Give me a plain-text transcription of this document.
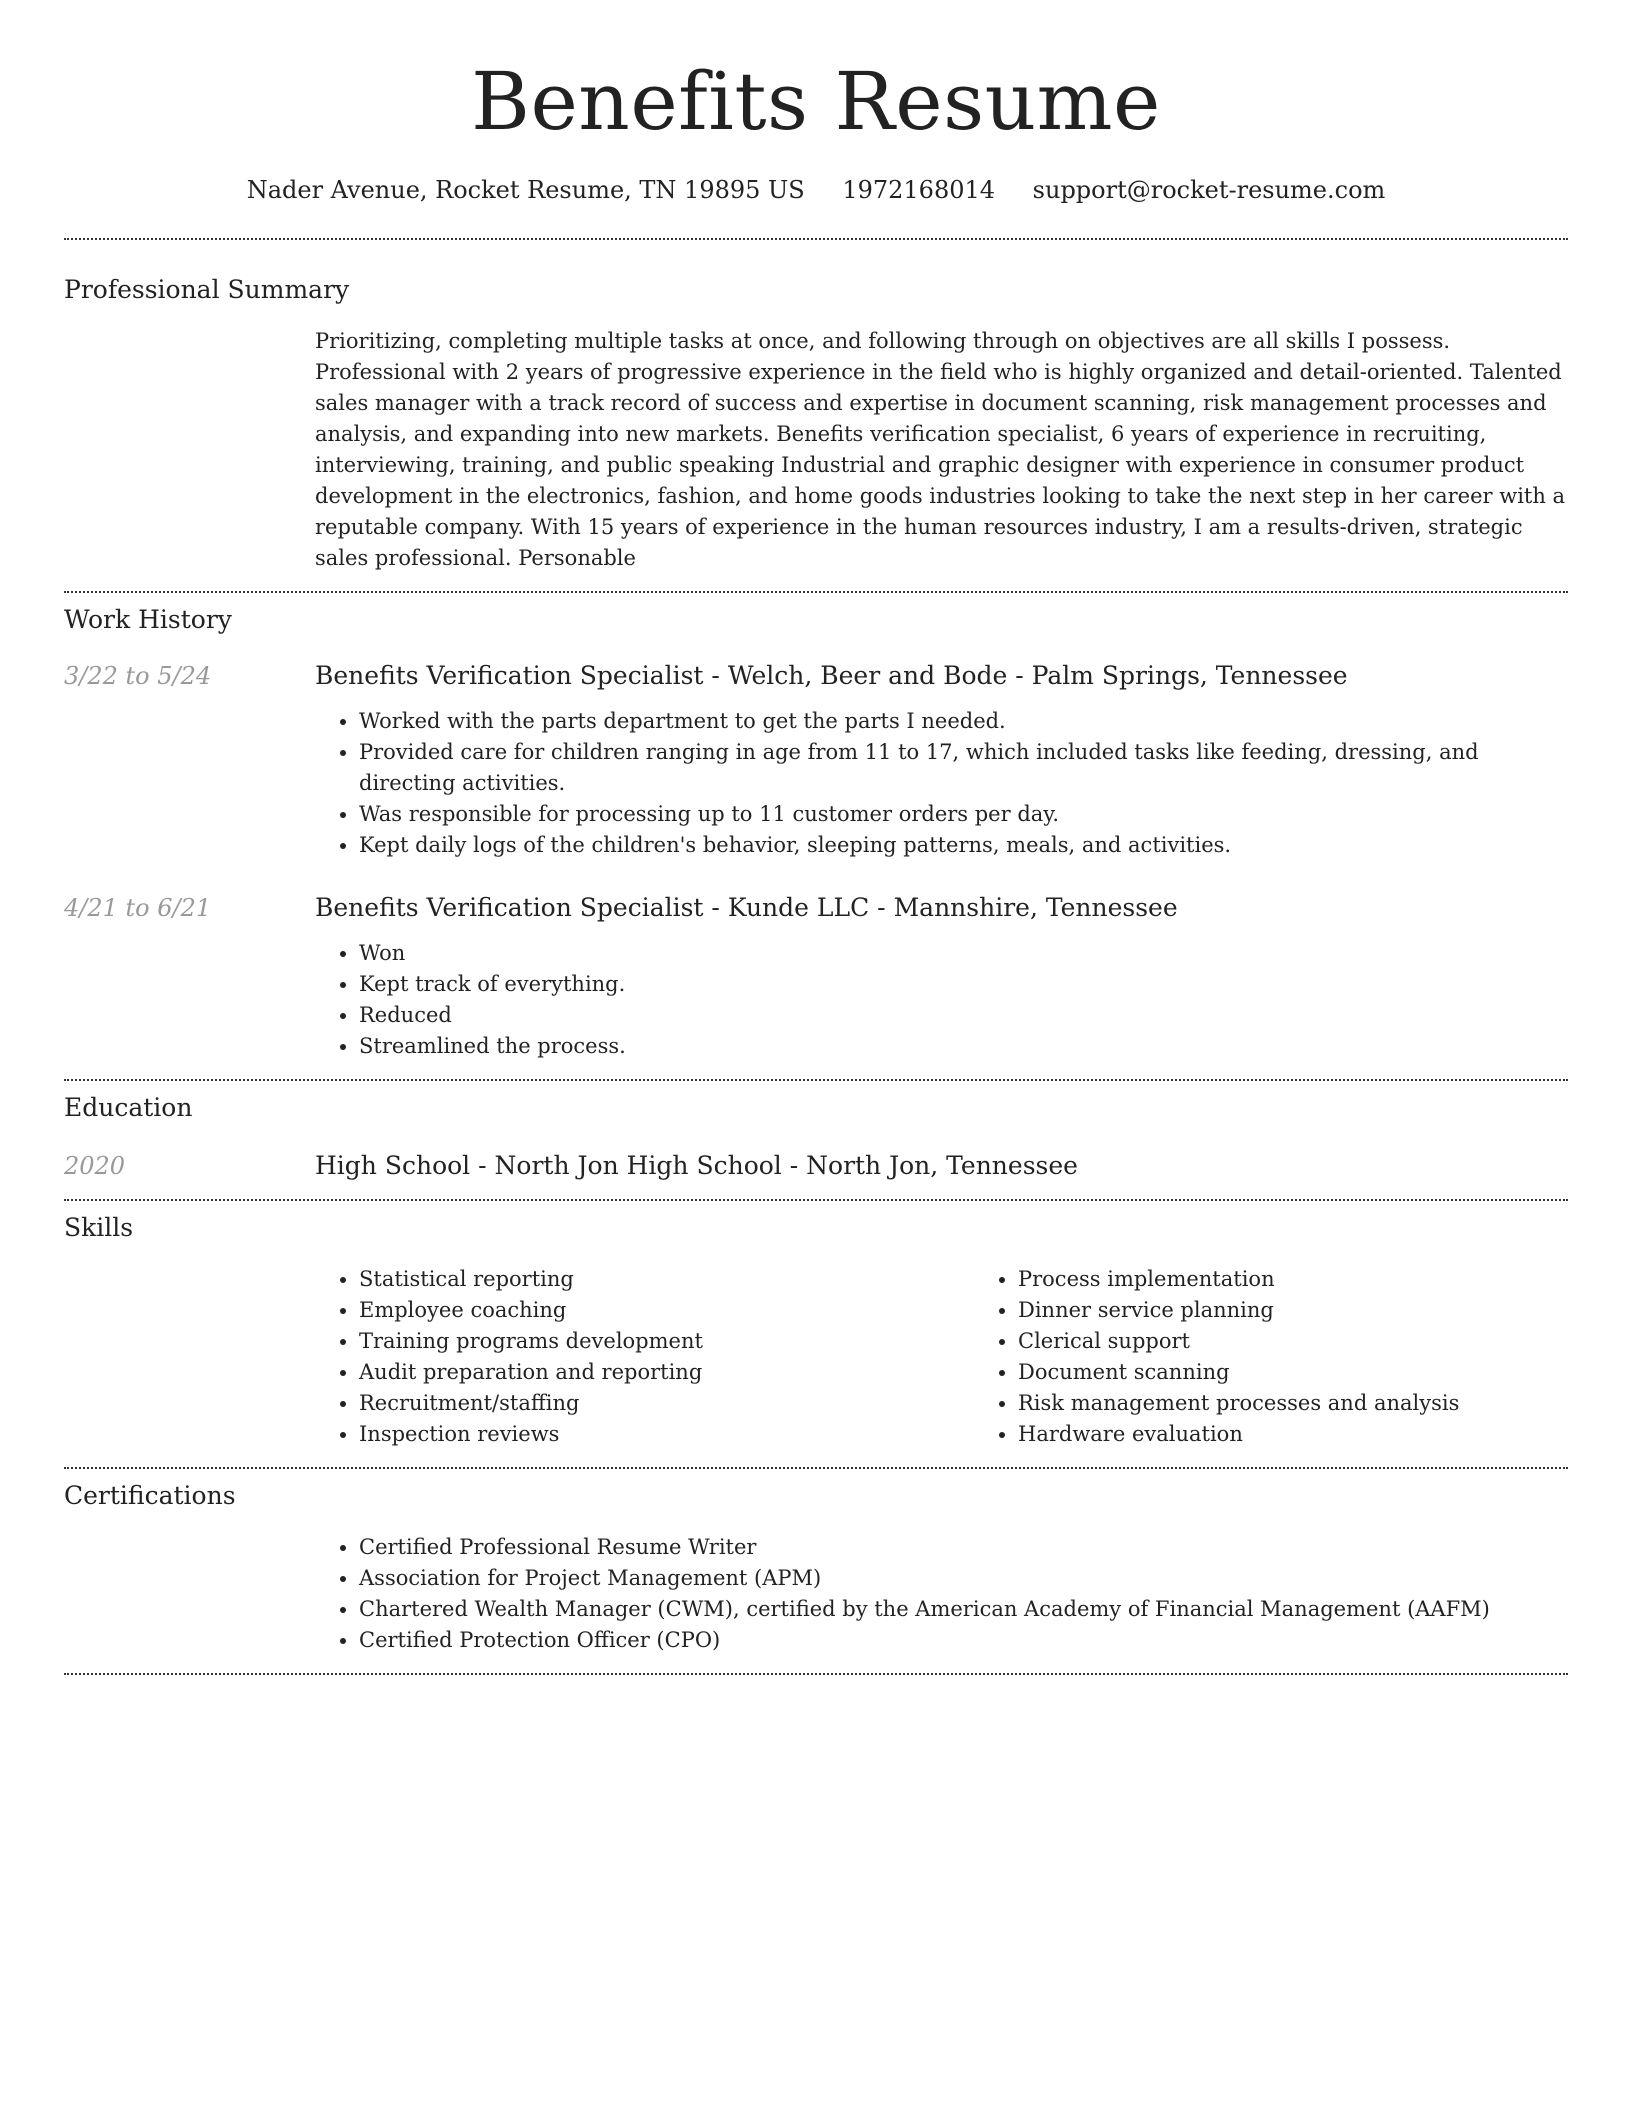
Benefits Resume
Nader Avenue, Rocket Resume, TN 19895 US 1972168014 support@rocket-resume.com
Professional Summary

Prioritizing, completing multiple tasks at once, and following through on objectives are all skills I possess. Professional with 2 years of progressive experience in the field who is highly organized and detail-oriented. Talented sales manager with a track record of success and expertise in document scanning, risk management processes and analysis, and expanding into new markets. Benefits verification specialist, 6 years of experience in recruiting, interviewing, training, and public speaking Industrial and graphic designer with experience in consumer product development in the electronics, fashion, and home goods industries looking to take the next step in her career with a reputable company. With 15 years of experience in the human resources industry, I am a results-driven, strategic sales professional. Personable

Work History
3/22 to 5/24	Benefits Verification Specialist - Welch, Beer and Bode - Palm Springs, Tennessee
• Worked with the parts department to get the parts I needed.
• Provided care for children ranging in age from 11 to 17, which included tasks like feeding, dressing, and directing activities.
• Was responsible for processing up to 11 customer orders per day.
• Kept daily logs of the children's behavior, sleeping patterns, meals, and activities.
4/21 to 6/21	Benefits Verification Specialist - Kunde LLC - Mannshire, Tennessee
• Won
• Kept track of everything.
• Reduced
• Streamlined the process.
Education
2020	High School - North Jon High School - North Jon, Tennessee
Skills
• Statistical reporting
• Employee coaching
• Training programs development
• Audit preparation and reporting
• Recruitment/staffing
• Inspection reviews
• Process implementation
• Dinner service planning
• Clerical support
• Document scanning
• Risk management processes and analysis
• Hardware evaluation
Certifications
• Certified Professional Resume Writer
• Association for Project Management (APM)
• Chartered Wealth Manager (CWM), certified by the American Academy of Financial Management (AAFM)
• Certified Protection Officer (CPO)
